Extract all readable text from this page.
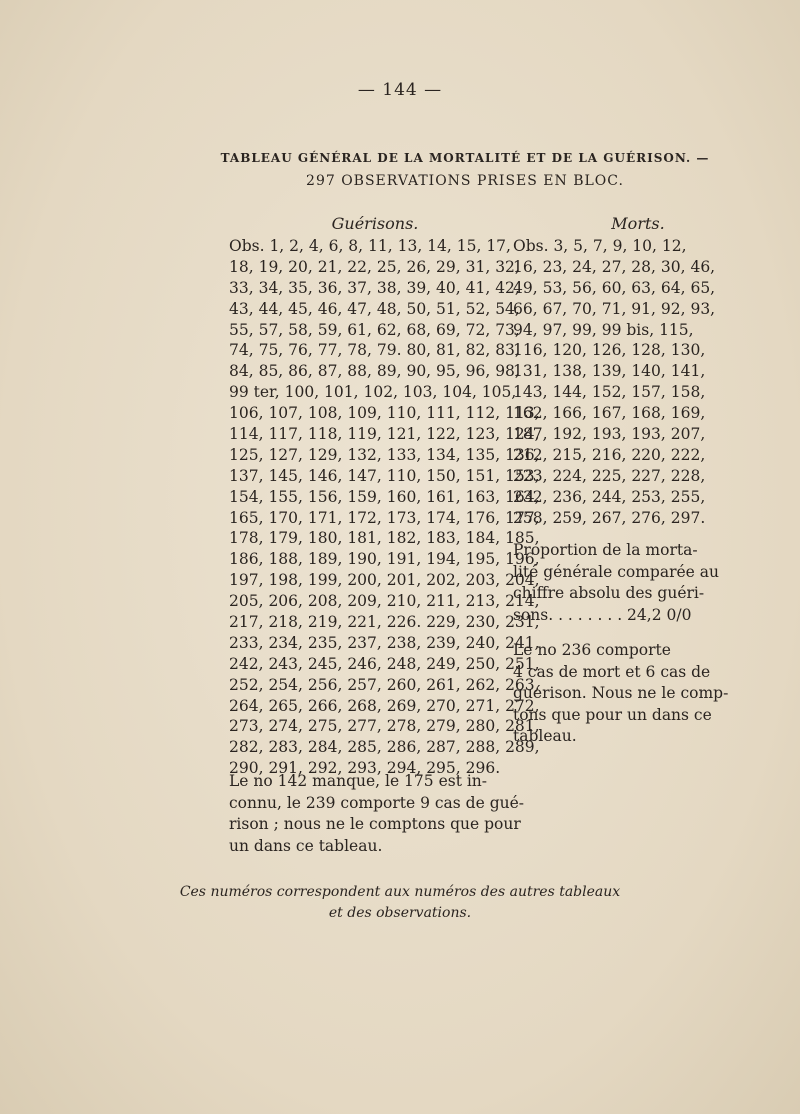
— 144 —
TABLEAU GÉNÉRAL DE LA MORTALITÉ ET DE LA GUÉRISON. —
297 OBSERVATIONS PRISES EN BLOC.
Guérisons.	Morts.
Obs. 1, 2, 4, 6, 8, 11, 13, 14, 15, 17,
18, 19, 20, 21, 22, 25, 26, 29, 31, 32,
33, 34, 35, 36, 37, 38, 39, 40, 41, 42,
43, 44, 45, 46, 47, 48, 50, 51, 52, 54,
55, 57, 58, 59, 61, 62, 68, 69, 72, 73,
74, 75, 76, 77, 78, 79. 80, 81, 82, 83,
84, 85, 86, 87, 88, 89, 90, 95, 96, 98,
99 ter, 100, 101, 102, 103, 104, 105,
106, 107, 108, 109, 110, 111, 112, 113,
114, 117, 118, 119, 121, 122, 123, 124,
125, 127, 129, 132, 133, 134, 135, 136,
137, 145, 146, 147, 110, 150, 151, 153,
154, 155, 156, 159, 160, 161, 163, 164,
165, 170, 171, 172, 173, 174, 176, 177,
178, 179, 180, 181, 182, 183, 184, 185,
186, 188, 189, 190, 191, 194, 195, 196,
197, 198, 199, 200, 201, 202, 203, 204,
205, 206, 208, 209, 210, 211, 213, 214,
217, 218, 219, 221, 226. 229, 230, 231,
233, 234, 235, 237, 238, 239, 240, 241,
242, 243, 245, 246, 248, 249, 250, 251,
252, 254, 256, 257, 260, 261, 262, 263,
264, 265, 266, 268, 269, 270, 271, 272,
273, 274, 275, 277, 278, 279, 280, 281,
282, 283, 284, 285, 286, 287, 288, 289,
290, 291, 292, 293, 294, 295, 296.
Obs. 3, 5, 7, 9, 10, 12,
16, 23, 24, 27, 28, 30, 46,
49, 53, 56, 60, 63, 64, 65,
66, 67, 70, 71, 91, 92, 93,
94, 97, 99, 99 bis, 115,
116, 120, 126, 128, 130,
131, 138, 139, 140, 141,
143, 144, 152, 157, 158,
162, 166, 167, 168, 169,
187, 192, 193, 193, 207,
212, 215, 216, 220, 222,
223, 224, 225, 227, 228,
232, 236, 244, 253, 255,
258, 259, 267, 276, 297.
Proportion de la morta-
lité générale comparée au
chiffre absolu des guéri-
sons. . . . . . . . 24,2 0/0
Le no 236 comporte
4 cas de mort et 6 cas de
guérison. Nous ne le comp-
tons que pour un dans ce
tableau.
Le no 142 manque, le 175 est in-
connu, le 239 comporte 9 cas de gué-
rison ; nous ne le comptons que pour
un dans ce tableau.
Ces numéros correspondent aux numéros des autres tableaux
et des observations.
